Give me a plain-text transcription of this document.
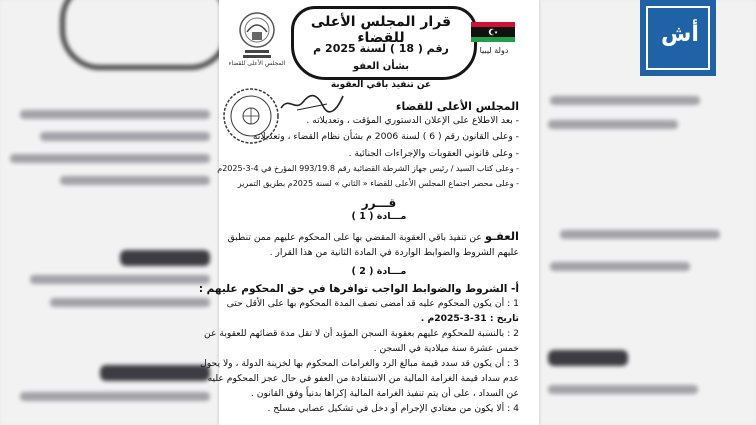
قرار المجلس الأعلى للقضاء
رقم ( 18 ) لسنة 2025 م
بشأن العفو
عن تنفيذ باقي العقوبة
دولة ليبيا
المجلس الأعلى للقضاء
المجلس الأعلى للقضاء
- بعد الاطلاع على الإعلان الدستوري المؤقت ، وتعديلاته .
- وعلى القانون رقم ( 6 ) لسنة 2006 م بشأن نظام القضاء ، وتعديلاته
- وعلى قانوني العقوبات والإجراءات الجنائية .
- وعلى كتاب السيد / رئيس جهاز الشرطة القضائية رقم 993/19.8 المؤرخ في 4-3-2025م
- وعلى محضر اجتماع المجلس الأعلى للقضاء « الثاني » لسنة 2025م بطريق التمرير
قـــرر
مـــادة ( 1 )
العفـو عن تنفيذ باقي العقوبة المقضي بها على المحكوم عليهم ممن تنطبق
عليهم الشروط والضوابط الواردة في المادة الثانية من هذا القرار .
مـــادة ( 2 )
أ- الشروط والضوابط الواجب توافرها في حق المحكوم عليهم :
1 : أن يكون المحكوم عليه قد أمضى نصف المدة المحكوم بها على الأقل حتى
تاريخ : 31-3-2025م .
2 : بالنسبة للمحكوم عليهم بعقوبة السجن المؤبد أن لا تقل مدة قضائهم للعقوبة عن
خمس عشرة سنة ميلادية في السجن .
3 : أن يكون قد سدد قيمة مبالغ الرد والغرامات المحكوم بها لخزينة الدولة ، ولا يحول
عدم سداد قيمة الغرامة المالية من الاستفادة من العفو في حال عجز المحكوم عليه
عن السداد ، على أن يتم تنفيذ الغرامة المالية إكراها بدنياً وفق القانون .
4 : ألا يكون من معتادي الإجرام أو دخل في تشكيل عصابي مسلح .
أش
